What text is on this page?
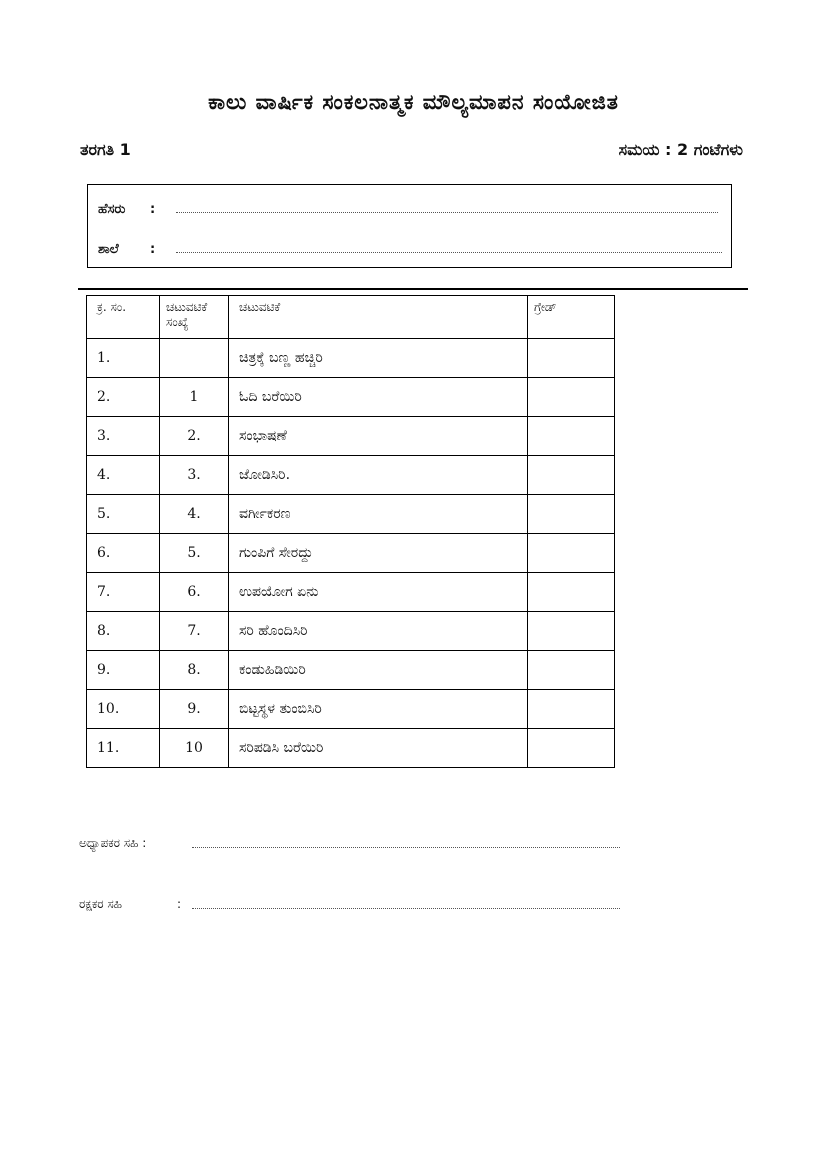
ಕಾಲು ವಾರ್ಷಿಕ ಸಂಕಲನಾತ್ಮಕ ಮೌಲ್ಯಮಾಪನ ಸಂಯೋಜಿತ
ತರಗತಿ 1	ಸಮಯ : 2 ಗಂಟೆಗಳು
ಹೆಸರು :
ಶಾಲೆ :
ಕ್ರ. ಸಂ.	ಚಟುವಟಿಕೆ ಸಂಖ್ಯೆ	ಚಟುವಟಿಕೆ	ಗ್ರೇಡ್
1.		ಚಿತ್ರಕ್ಕೆ ಬಣ್ಣ ಹಚ್ಚಿರಿ	
2.	1	ಓದಿ ಬರೆಯಿರಿ	
3.	2.	ಸಂಭಾಷಣೆ	
4.	3.	ಜೋಡಿಸಿರಿ.	
5.	4.	ವರ್ಗೀಕರಣ	
6.	5.	ಗುಂಪಿಗೆ ಸೇರದ್ದು	
7.	6.	ಉಪಯೋಗ ಏನು	
8.	7.	ಸರಿ ಹೊಂದಿಸಿರಿ	
9.	8.	ಕಂಡುಹಿಡಿಯಿರಿ	
10.	9.	ಬಿಟ್ಟಸ್ಥಳ ತುಂಬಿಸಿರಿ	
11.	10	ಸರಿಪಡಿಸಿ ಬರೆಯಿರಿ	
ಅಧ್ಯಾಪಕರ ಸಹಿ :
ರಕ್ಷಕರ ಸಹಿ	:
